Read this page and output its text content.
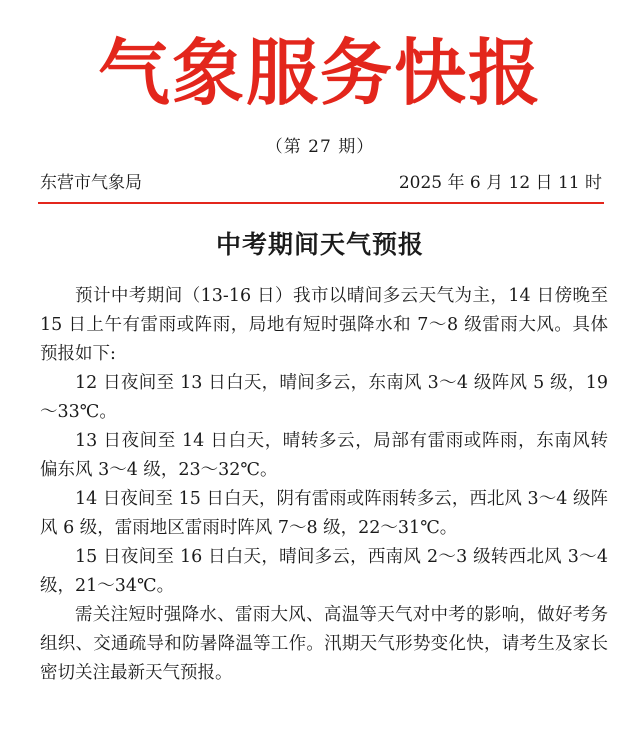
气象服务快报
（第 27 期）
东营市气象局	2025 年 6 月 12 日 11 时
中考期间天气预报

预计中考期间（13-16 日）我市以晴间多云天气为主，14 日傍晚至 15 日上午有雷雨或阵雨，局地有短时强降水和 7～8 级雷雨大风。具体预报如下:

12 日夜间至 13 日白天，晴间多云，东南风 3～4 级阵风 5 级，19～33℃。

13 日夜间至 14 日白天，晴转多云，局部有雷雨或阵雨，东南风转偏东风 3～4 级，23～32℃。

14 日夜间至 15 日白天，阴有雷雨或阵雨转多云，西北风 3～4 级阵风 6 级，雷雨地区雷雨时阵风 7～8 级，22～31℃。

15 日夜间至 16 日白天，晴间多云，西南风 2～3 级转西北风 3～4 级，21～34℃。

需关注短时强降水、雷雨大风、高温等天气对中考的影响，做好考务组织、交通疏导和防暑降温等工作。汛期天气形势变化快，请考生及家长密切关注最新天气预报。
